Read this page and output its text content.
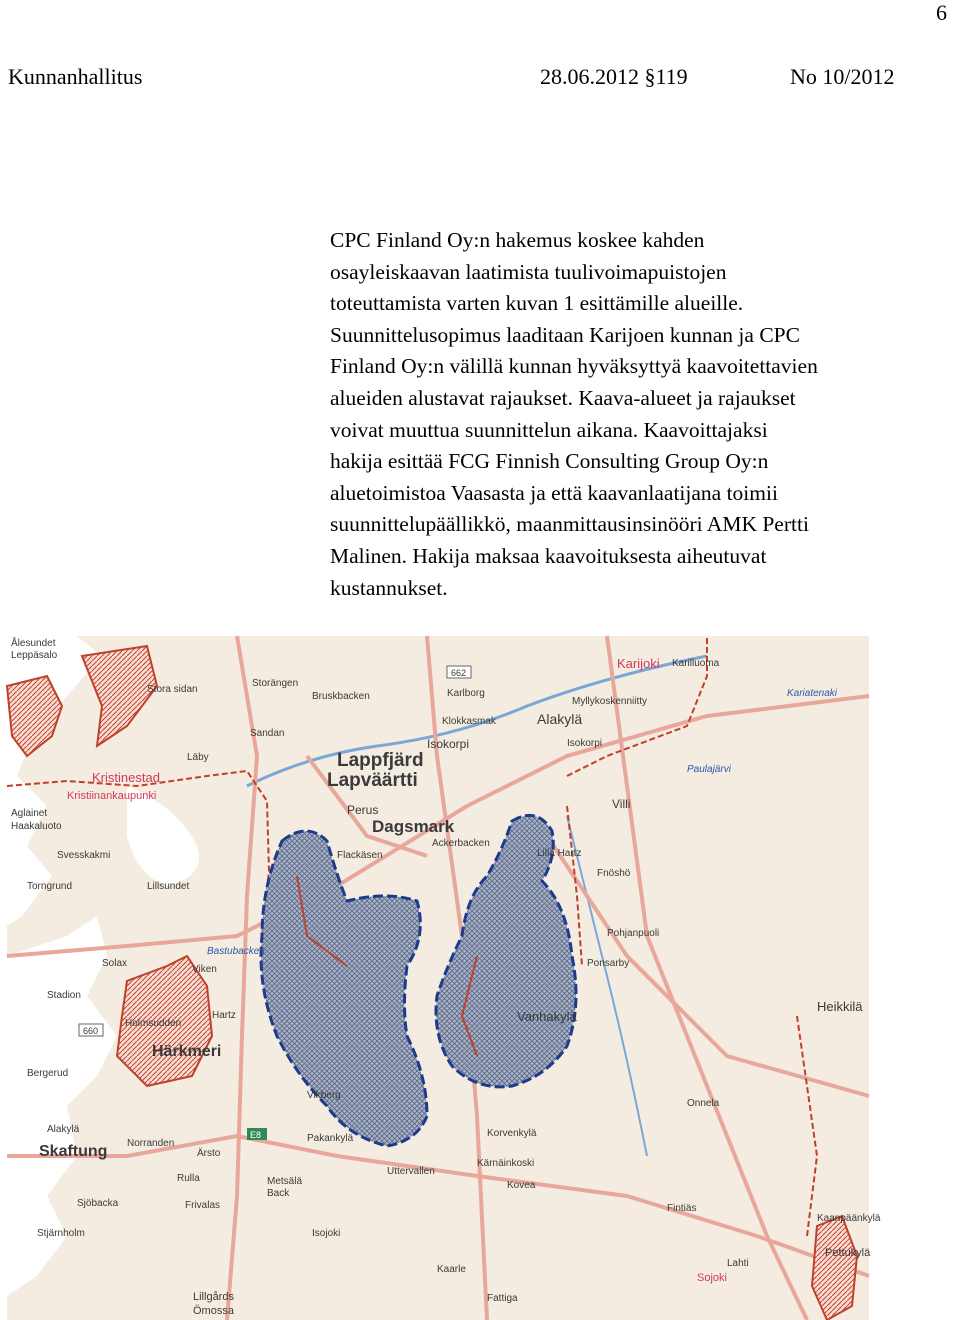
6
Kunnanhallitus	28.06.2012 §119	No 10/2012
CPC Finland Oy:n hakemus koskee kahden
osayleiskaavan laatimista tuulivoimapuistojen
toteuttamista varten kuvan 1 esittämille alueille.
Suunnittelusopimus laaditaan Karijoen kunnan ja CPC
Finland Oy:n välillä kunnan hyväksyttyä kaavoitettavien
alueiden alustavat rajaukset. Kaava-alueet ja rajaukset
voivat muuttua suunnittelun aikana. Kaavoittajaksi
hakija esittää FCG Finnish Consulting Group Oy:n
aluetoimistoa Vaasasta ja että kaavanlaatijana toimii
suunnittelupäällikkö, maanmittausinsinööri AMK Pertti
Malinen. Hakija maksaa kaavoituksesta aiheutuvat
kustannukset.
Lappfjärd
Lapväärtti
Dagsmark
Härkmeri
Skaftung
Alakylä
Isokorpi
Kristinestad
Kristiinankaupunki
Karijoki
Heikkilä
Perus
Vanhakylä
Villi
Ålesundet
Leppäsalo
Stora sidan
Storängen
Bruskbacken	Karlborg
Klokkasmak
Myllykoskenniitty
Karilluoma
Kariatenaki
Paulajärvi
Isokorpi
Läby
Sandan
Aglainet
Haakaluoto
Svesskakmi
Torngrund	Lillsundet
Flackäsen
Ackerbacken
Fnöshö
Bastubacken
Solax
Viken
Stadion
Holmsudden
Hartz
Bergerud
Lilla Hartz
Vikberg
Ponsarby
Pohjanpuoli
Alakylä
Norranden
Ärsto
Rulla
Sjöbacka	Frivalas
Stjärnholm
Lillgårds
Ömossa
Metsälä
Back
Pakankylä
Uttervallen
Kärnäinkoski
Korvenkylä
Kovea
Kaanpäänkylä
Pettukylä
Sojoki
Isojoki
Kaarle
Fattiga
Fintiäs
Lahti
Onnela
660
662
E8
